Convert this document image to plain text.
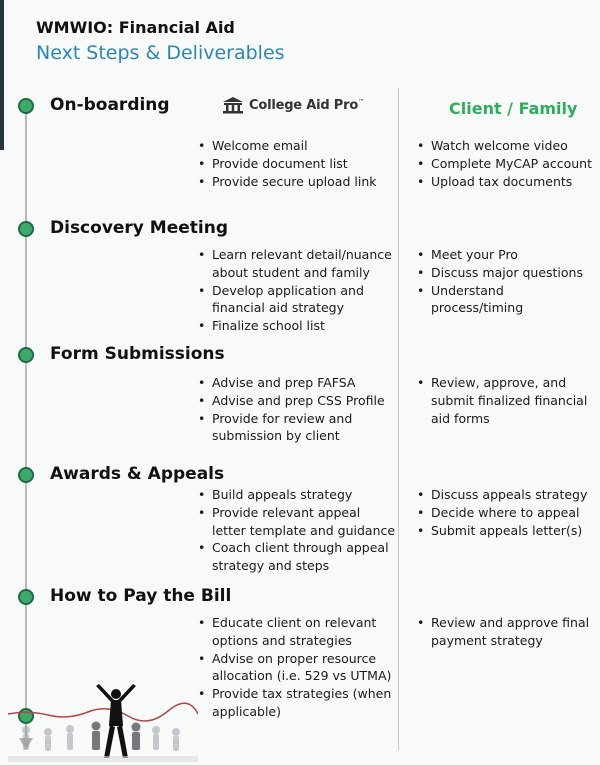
WMWIO: Financial Aid
Next Steps & Deliverables
College Aid Pro™	Client / Family
On-boarding
• Welcome email
• Provide document list
• Provide secure upload link
• Watch welcome video
• Complete MyCAP account
• Upload tax documents
Discovery Meeting
• Learn relevant detail/nuance about student and family
• Develop application and financial aid strategy
• Finalize school list
• Meet your Pro
• Discuss major questions
• Understand process/timing
Form Submissions
• Advise and prep FAFSA
• Advise and prep CSS Profile
• Provide for review and submission by client
• Review, approve, and submit finalized financial aid forms
Awards & Appeals
• Build appeals strategy
• Provide relevant appeal letter template and guidance
• Coach client through appeal strategy and steps
• Discuss appeals strategy
• Decide where to appeal
• Submit appeals letter(s)
How to Pay the Bill
• Educate client on relevant options and strategies
• Advise on proper resource allocation (i.e. 529 vs UTMA)
• Provide tax strategies (when applicable)
• Review and approve final payment strategy
